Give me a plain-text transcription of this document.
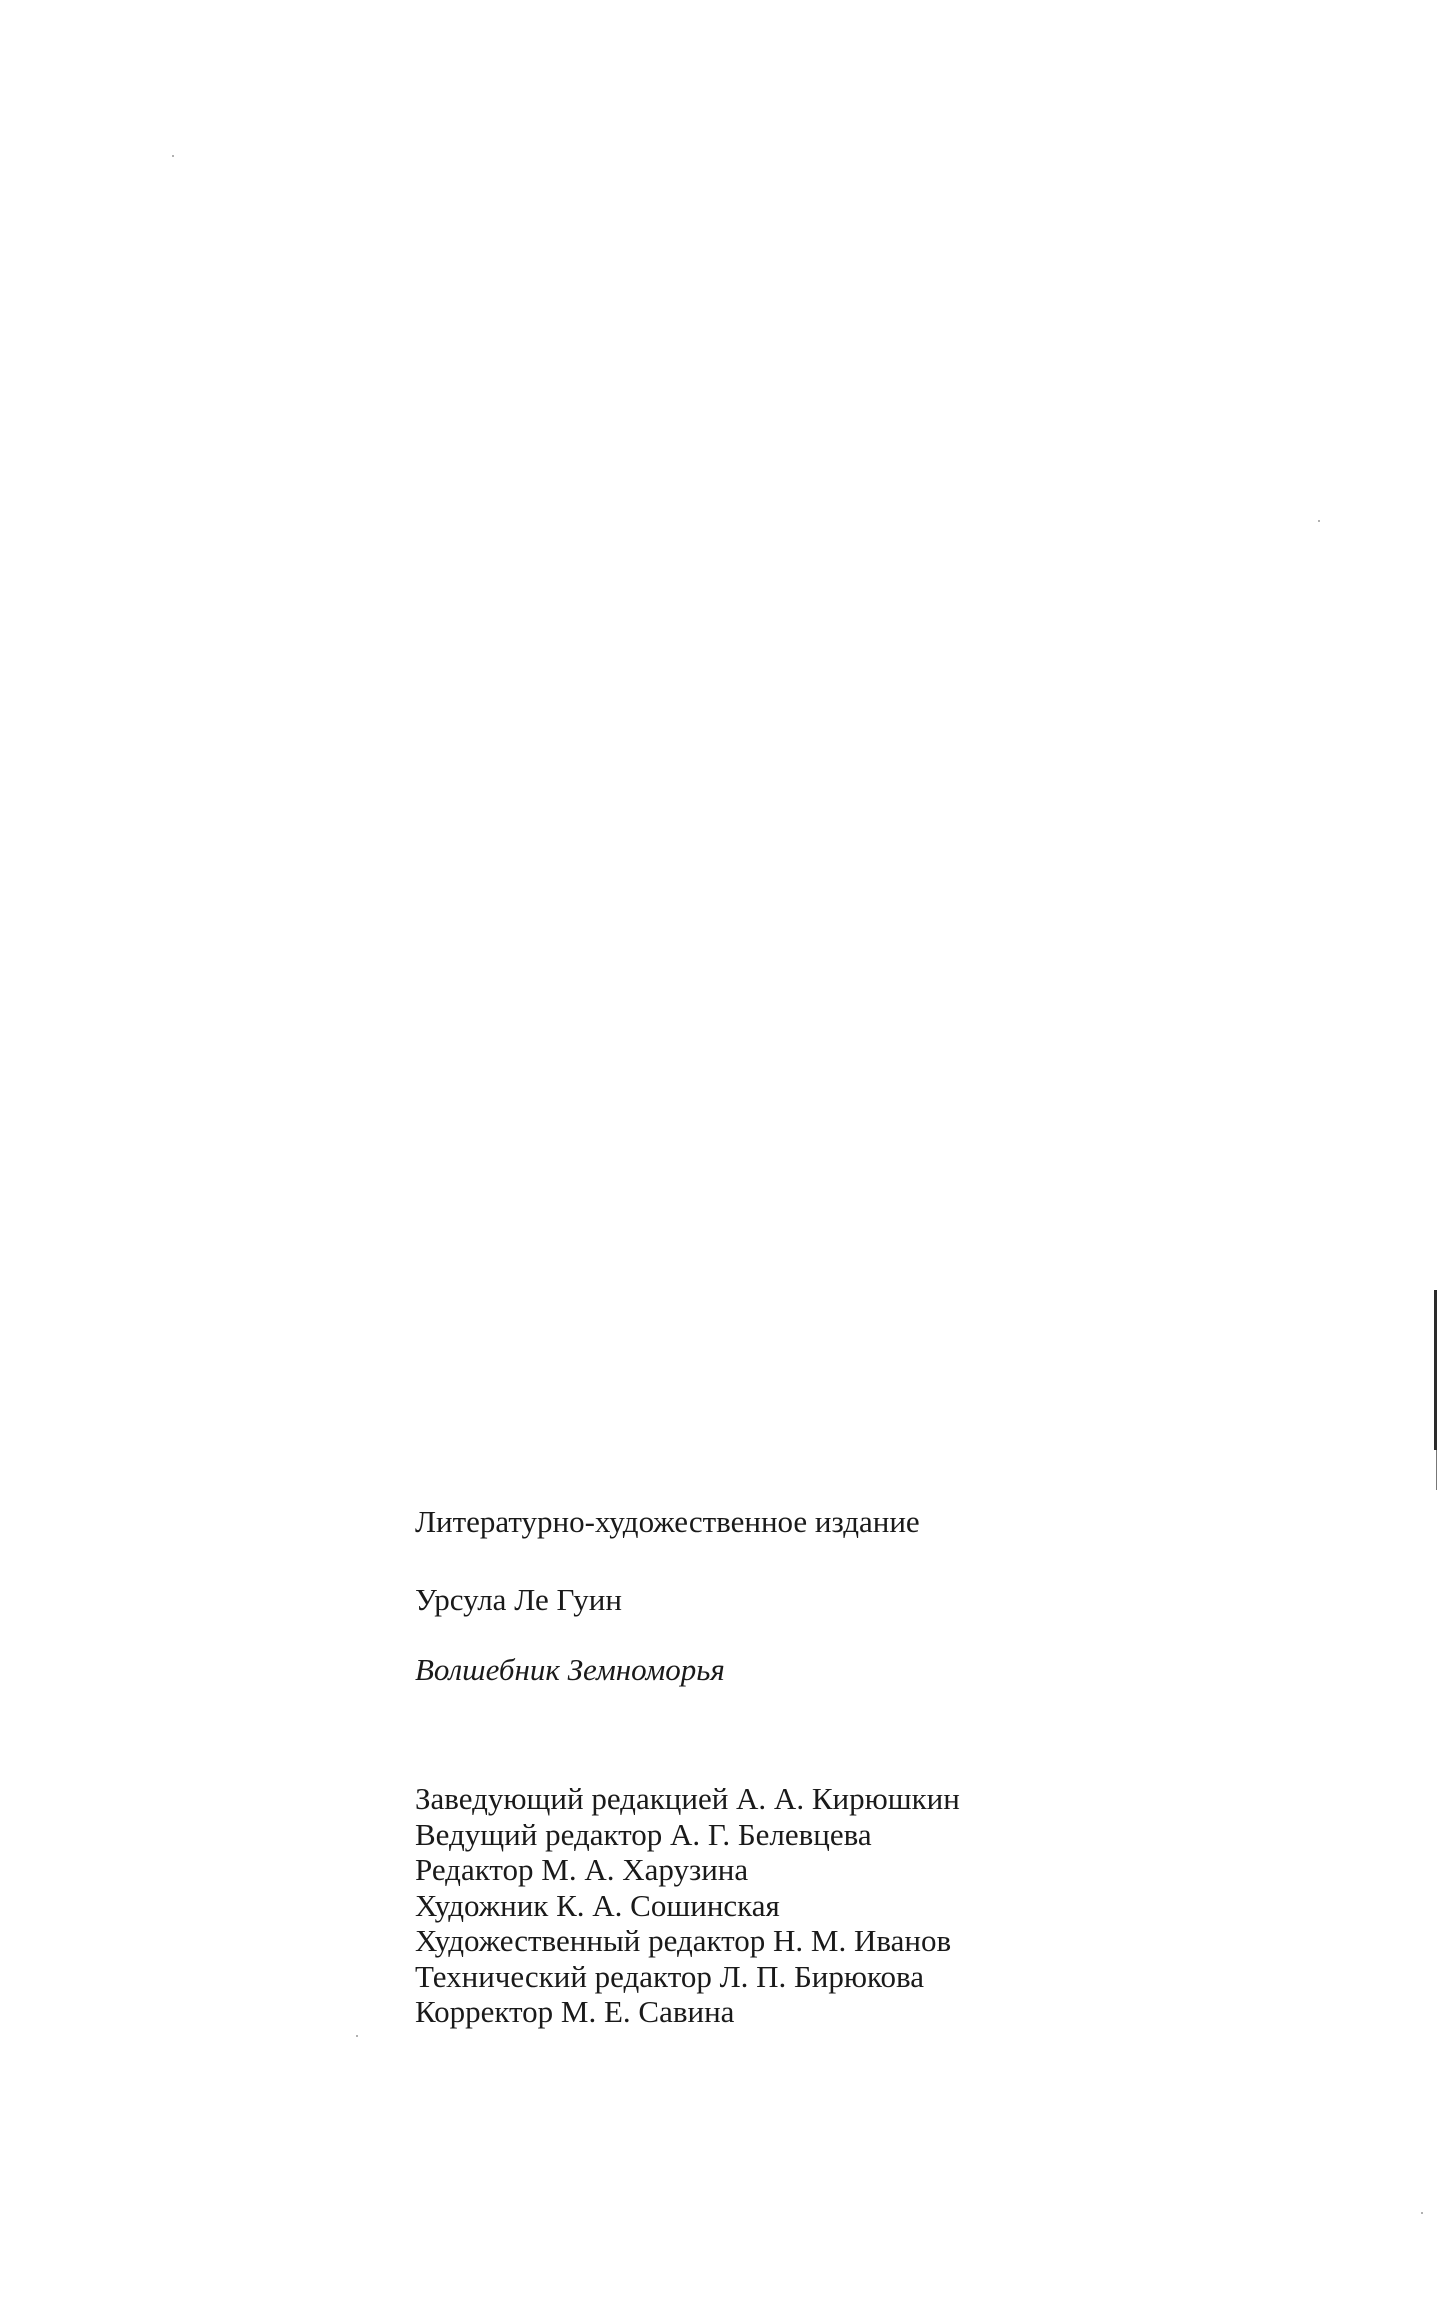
Литературно-художественное издание

Урсула Ле Гуин

Волшебник Земноморья

Заведующий редакцией А. А. Кирюшкин
Ведущий редактор А. Г. Белевцева
Редактор М. А. Харузина
Художник К. А. Сошинская
Художественный редактор Н. М. Иванов
Технический редактор Л. П. Бирюкова
Корректор М. Е. Савина
